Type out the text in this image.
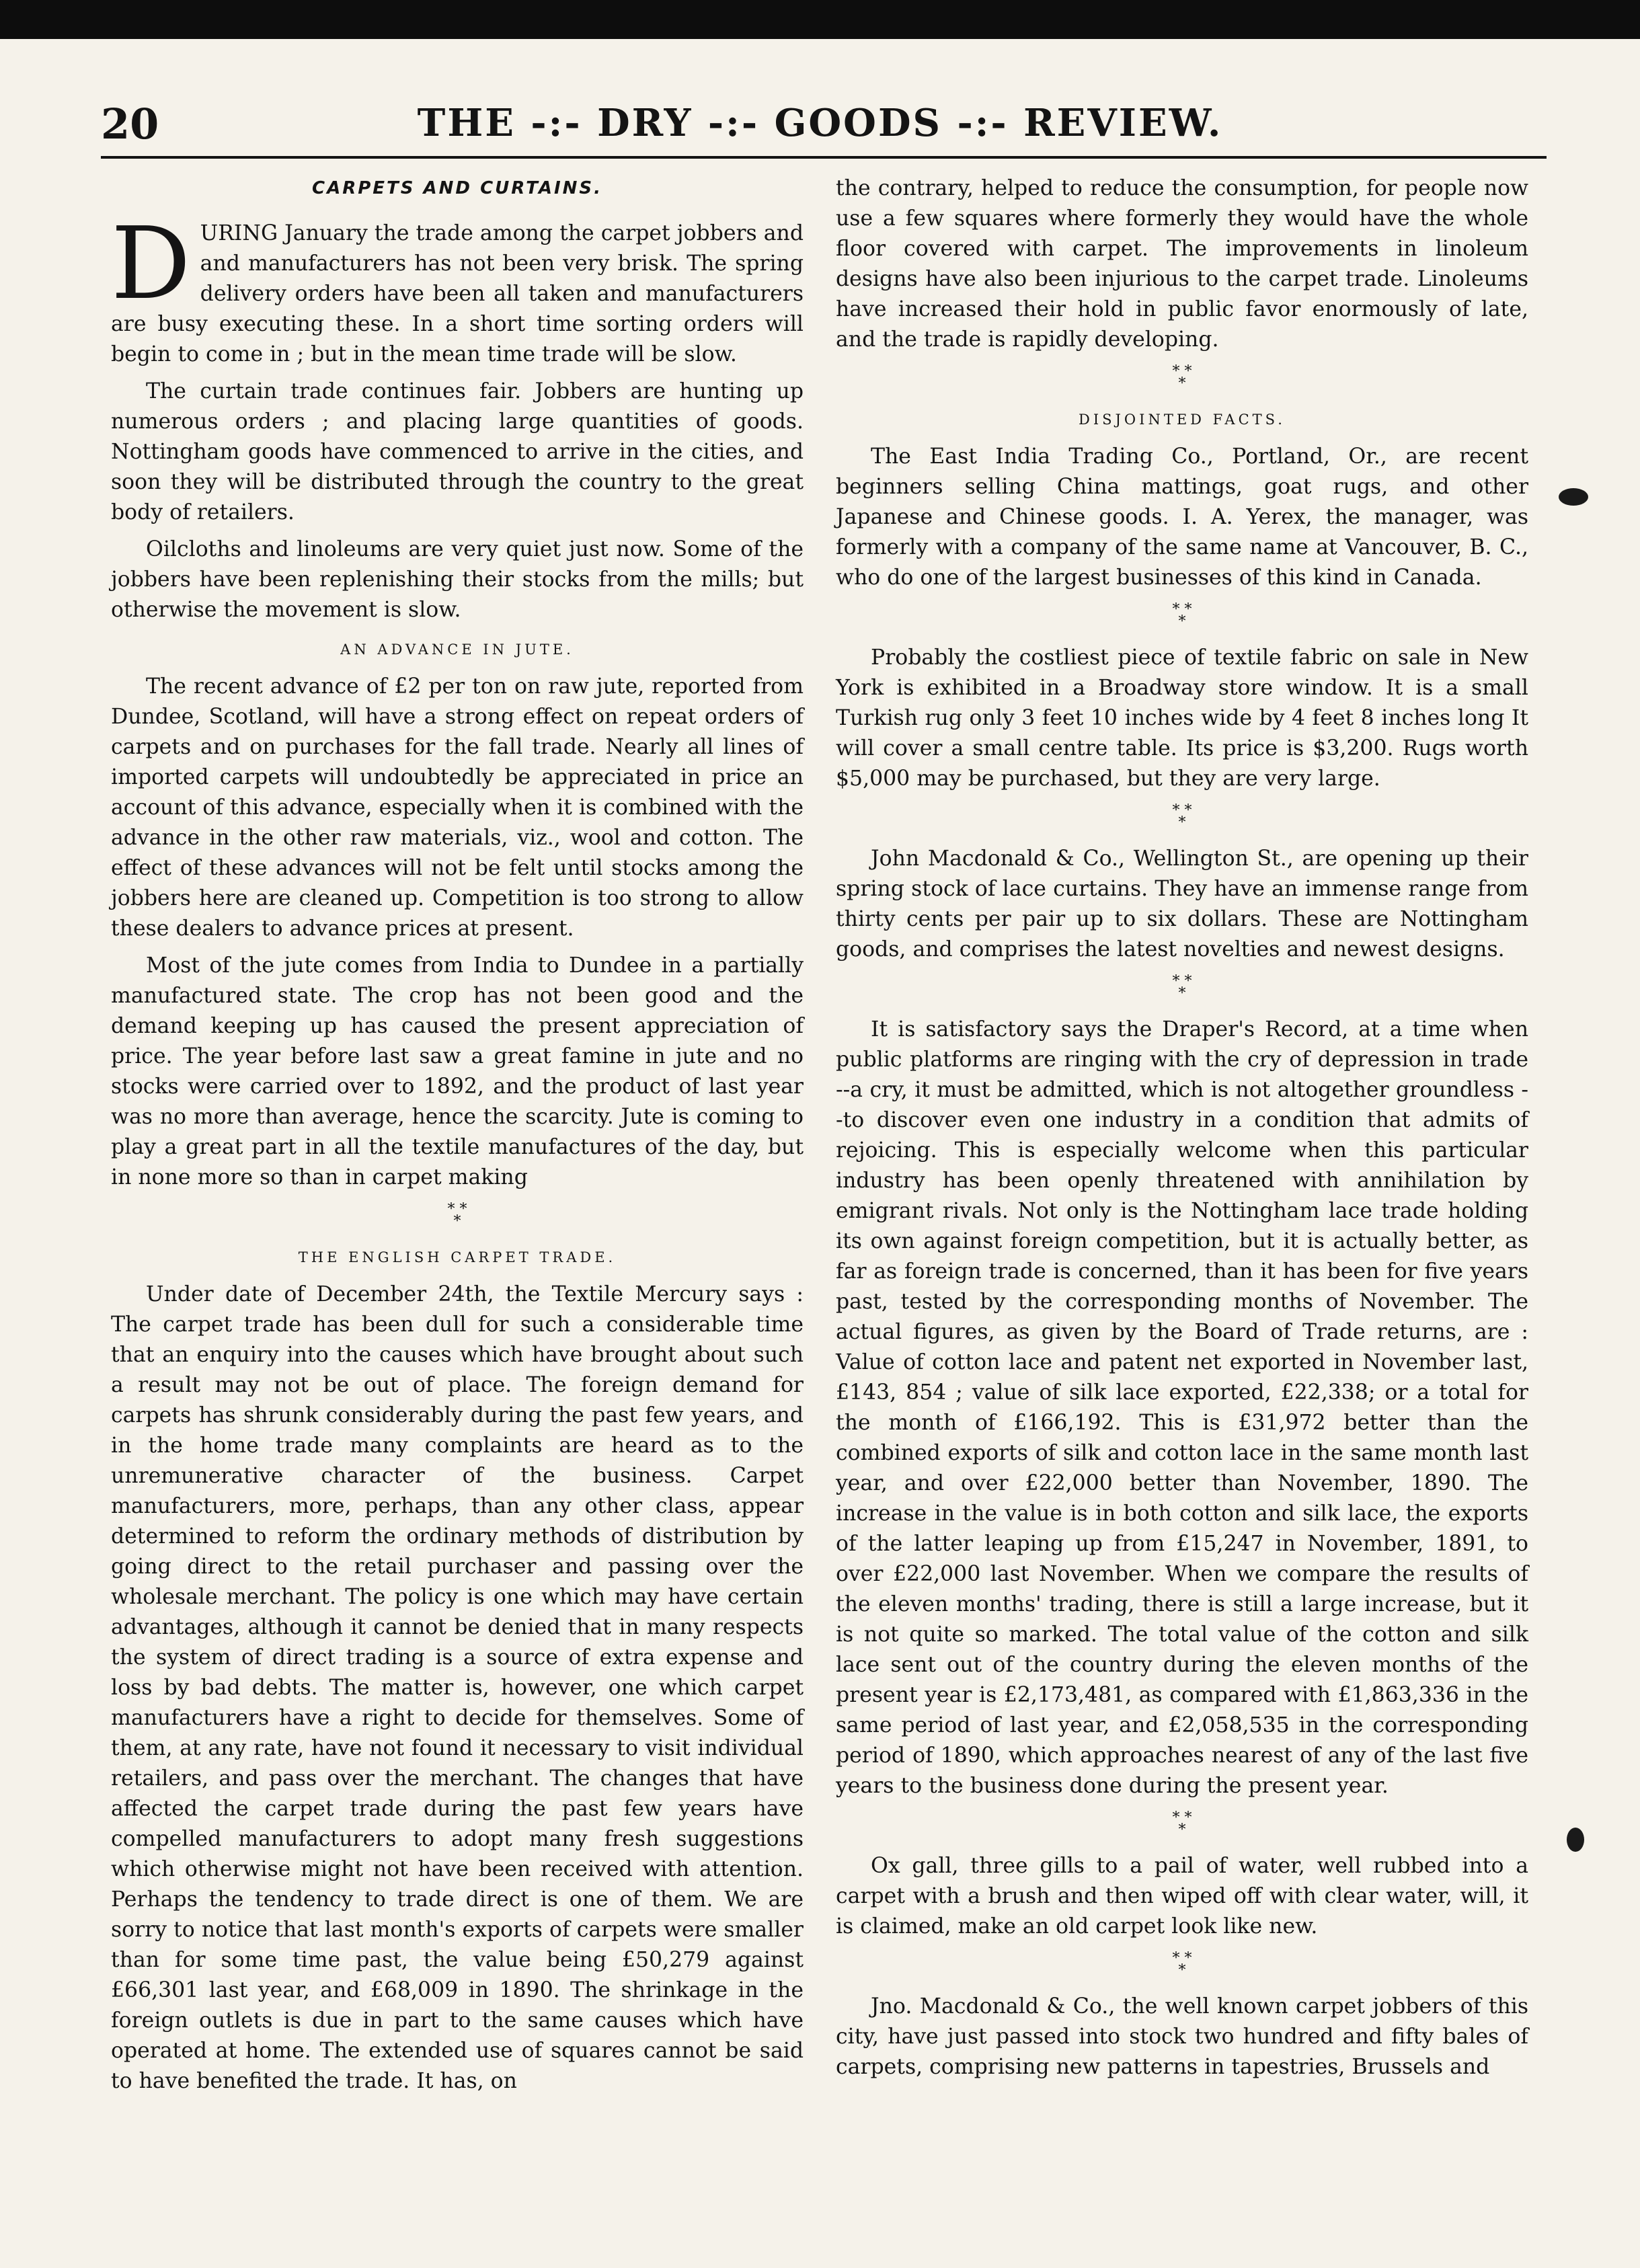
20	THE -:- DRY -:- GOODS -:- REVIEW.
CARPETS AND CURTAINS.

DURING January the trade among the carpet jobbers and and manufacturers has not been very brisk. The spring delivery orders have been all taken and manufacturers are busy executing these. In a short time sorting orders will begin to come in ; but in the mean time trade will be slow.

The curtain trade continues fair. Jobbers are hunting up numerous orders ; and placing large quantities of goods. Nottingham goods have commenced to arrive in the cities, and soon they will be distributed through the country to the great body of retailers.

Oilcloths and linoleums are very quiet just now. Some of the jobbers have been replenishing their stocks from the mills; but otherwise the movement is slow.

AN ADVANCE IN JUTE.

The recent advance of £2 per ton on raw jute, reported from Dundee, Scotland, will have a strong effect on repeat orders of carpets and on purchases for the fall trade. Nearly all lines of imported carpets will undoubtedly be appreciated in price an account of this advance, especially when it is combined with the advance in the other raw materials, viz., wool and cotton. The effect of these advances will not be felt until stocks among the jobbers here are cleaned up. Competition is too strong to allow these dealers to advance prices at present.

Most of the jute comes from India to Dundee in a partially manufactured state. The crop has not been good and the demand keeping up has caused the present appreciation of price. The year before last saw a great famine in jute and no stocks were carried over to 1892, and the product of last year was no more than average, hence the scarcity. Jute is coming to play a great part in all the textile manufactures of the day, but in none more so than in carpet making

* *
*
THE ENGLISH CARPET TRADE.

Under date of December 24th, the Textile Mercury says : The carpet trade has been dull for such a considerable time that an enquiry into the causes which have brought about such a result may not be out of place. The foreign demand for carpets has shrunk considerably during the past few years, and in the home trade many complaints are heard as to the unremunerative character of the business. Carpet manufacturers, more, perhaps, than any other class, appear determined to reform the ordinary methods of distribution by going direct to the retail purchaser and passing over the wholesale merchant. The policy is one which may have certain advantages, although it cannot be denied that in many respects the system of direct trading is a source of extra expense and loss by bad debts. The matter is, however, one which carpet manufacturers have a right to decide for themselves. Some of them, at any rate, have not found it necessary to visit individual retailers, and pass over the merchant. The changes that have affected the carpet trade during the past few years have compelled manufacturers to adopt many fresh suggestions which otherwise might not have been received with attention. Perhaps the tendency to trade direct is one of them. We are sorry to notice that last month's exports of carpets were smaller than for some time past, the value being £50,279 against £66,301 last year, and £68,009 in 1890. The shrinkage in the foreign outlets is due in part to the same causes which have operated at home. The extended use of squares cannot be said to have benefited the trade. It has, on

the contrary, helped to reduce the consumption, for people now use a few squares where formerly they would have the whole floor covered with carpet. The improvements in linoleum designs have also been injurious to the carpet trade. Linoleums have increased their hold in public favor enormously of late, and the trade is rapidly developing.

* *
*
DISJOINTED FACTS.

The East India Trading Co., Portland, Or., are recent beginners selling China mattings, goat rugs, and other Japanese and Chinese goods. I. A. Yerex, the manager, was formerly with a company of the same name at Vancouver, B. C., who do one of the largest businesses of this kind in Canada.

* *
*

Probably the costliest piece of textile fabric on sale in New York is exhibited in a Broadway store window. It is a small Turkish rug only 3 feet 10 inches wide by 4 feet 8 inches long It will cover a small centre table. Its price is $3,200. Rugs worth $5,000 may be purchased, but they are very large.

* *
*

John Macdonald & Co., Wellington St., are opening up their spring stock of lace curtains. They have an immense range from thirty cents per pair up to six dollars. These are Nottingham goods, and comprises the latest novelties and newest designs.

* *
*

It is satisfactory says the Draper's Record, at a time when public platforms are ringing with the cry of depression in trade --a cry, it must be admitted, which is not altogether groundless --to discover even one industry in a condition that admits of rejoicing. This is especially welcome when this particular industry has been openly threatened with annihilation by emigrant rivals. Not only is the Nottingham lace trade holding its own against foreign competition, but it is actually better, as far as foreign trade is concerned, than it has been for five years past, tested by the corresponding months of November. The actual figures, as given by the Board of Trade returns, are : Value of cotton lace and patent net exported in November last, £143, 854 ; value of silk lace exported, £22,338; or a total for the month of £166,192. This is £31,972 better than the combined exports of silk and cotton lace in the same month last year, and over £22,000 better than November, 1890. The increase in the value is in both cotton and silk lace, the exports of the latter leaping up from £15,247 in November, 1891, to over £22,000 last November. When we compare the results of the eleven months' trading, there is still a large increase, but it is not quite so marked. The total value of the cotton and silk lace sent out of the country during the eleven months of the present year is £2,173,481, as compared with £1,863,336 in the same period of last year, and £2,058,535 in the corresponding period of 1890, which approaches nearest of any of the last five years to the business done during the present year.

* *
*

Ox gall, three gills to a pail of water, well rubbed into a carpet with a brush and then wiped off with clear water, will, it is claimed, make an old carpet look like new.

* *
*

Jno. Macdonald & Co., the well known carpet jobbers of this city, have just passed into stock two hundred and fifty bales of carpets, comprising new patterns in tapestries, Brussels and
